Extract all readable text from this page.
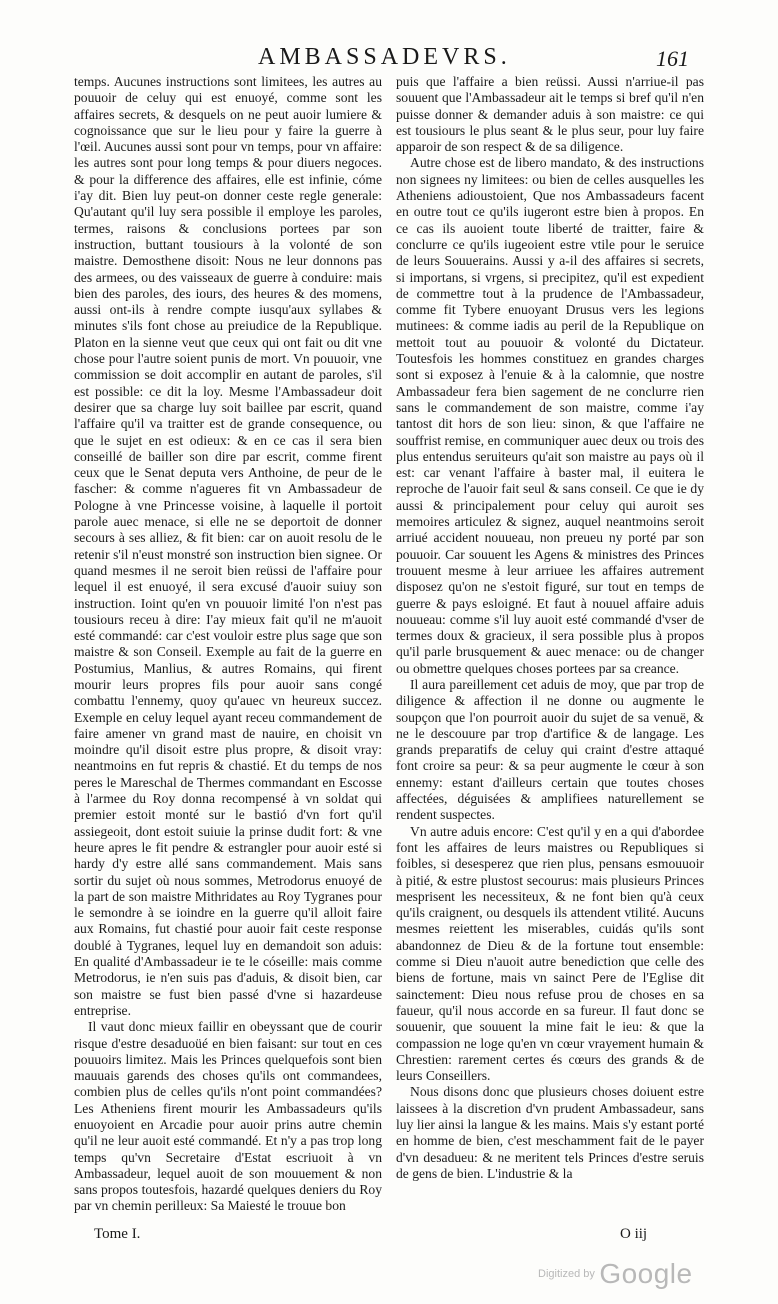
AMBASSADEVRS.	161

temps. Aucunes instructions sont limitees, les autres au pouuoir de celuy qui est enuoyé, comme sont les affaires secrets, & desquels on ne peut auoir lumiere & cognoissance que sur le lieu pour y faire la guerre à l'œil. Aucunes aussi sont pour vn temps, pour vn affaire: les autres sont pour long temps & pour diuers negoces. & pour la difference des affaires, elle est infinie, cóme i'ay dit. Bien luy peut-on donner ceste regle generale: Qu'autant qu'il luy sera possible il employe les paroles, termes, raisons & conclusions portees par son instruction, buttant tousiours à la volonté de son maistre. Demosthene disoit: Nous ne leur donnons pas des armees, ou des vaisseaux de guerre à conduire: mais bien des paroles, des iours, des heures & des momens, aussi ont-ils à rendre compte iusqu'aux syllabes & minutes s'ils font chose au preiudice de la Republique. Platon en la sienne veut que ceux qui ont fait ou dit vne chose pour l'autre soient punis de mort. Vn pouuoir, vne commission se doit accomplir en autant de paroles, s'il est possible: ce dit la loy. Mesme l'Ambassadeur doit desirer que sa charge luy soit baillee par escrit, quand l'affaire qu'il va traitter est de grande consequence, ou que le sujet en est odieux: & en ce cas il sera bien conseillé de bailler son dire par escrit, comme firent ceux que le Senat deputa vers Anthoine, de peur de le fascher: & comme n'agueres fit vn Ambassadeur de Pologne à vne Princesse voisine, à laquelle il portoit parole auec menace, si elle ne se deportoit de donner secours à ses alliez, & fit bien: car on auoit resolu de le retenir s'il n'eust monstré son instruction bien signee. Or quand mesmes il ne seroit bien reüssi de l'affaire pour lequel il est enuoyé, il sera excusé d'auoir suiuy son instruction. Ioint qu'en vn pouuoir limité l'on n'est pas tousiours receu à dire: I'ay mieux fait qu'il ne m'auoit esté commandé: car c'est vouloir estre plus sage que son maistre & son Conseil. Exemple au fait de la guerre en Postumius, Manlius, & autres Romains, qui firent mourir leurs propres fils pour auoir sans congé combattu l'ennemy, quoy qu'auec vn heureux succez. Exemple en celuy lequel ayant receu commandement de faire amener vn grand mast de nauire, en choisit vn moindre qu'il disoit estre plus propre, & disoit vray: neantmoins en fut repris & chastié. Et du temps de nos peres le Mareschal de Thermes commandant en Escosse à l'armee du Roy donna recompensé à vn soldat qui premier estoit monté sur le bastió d'vn fort qu'il assiegeoit, dont estoit suiuie la prinse dudit fort: & vne heure apres le fit pendre & estrangler pour auoir esté si hardy d'y estre allé sans commandement. Mais sans sortir du sujet où nous sommes, Metrodorus enuoyé de la part de son maistre Mithridates au Roy Tygranes pour le semondre à se ioindre en la guerre qu'il alloit faire aux Romains, fut chastié pour auoir fait ceste response doublé à Tygranes, lequel luy en demandoit son aduis: En qualité d'Ambassadeur ie te le cóseille: mais comme Metrodorus, ie n'en suis pas d'aduis, & disoit bien, car son maistre se fust bien passé d'vne si hazardeuse entreprise.

Il vaut donc mieux faillir en obeyssant que de courir risque d'estre desaduoüé en bien faisant: sur tout en ces pouuoirs limitez. Mais les Princes quelquefois sont bien mauuais garends des choses qu'ils ont commandees, combien plus de celles qu'ils n'ont point commandées? Les Atheniens firent mourir les Ambassadeurs qu'ils enuoyoient en Arcadie pour auoir prins autre chemin qu'il ne leur auoit esté commandé. Et n'y a pas trop long temps qu'vn Secretaire d'Estat escriuoit à vn Ambassadeur, lequel auoit de son mouuement & non sans propos toutesfois, hazardé quelques deniers du Roy par vn chemin perilleux: Sa Maiesté le trouue bon

puis que l'affaire a bien reüssi. Aussi n'arriue-il pas souuent que l'Ambassadeur ait le temps si bref qu'il n'en puisse donner & demander aduis à son maistre: ce qui est tousiours le plus seant & le plus seur, pour luy faire apparoir de son respect & de sa diligence.

Autre chose est de libero mandato, & des instructions non signees ny limitees: ou bien de celles ausquelles les Atheniens adioustoient, Que nos Ambassadeurs facent en outre tout ce qu'ils iugeront estre bien à propos. En ce cas ils auoient toute liberté de traitter, faire & conclurre ce qu'ils iugeoient estre vtile pour le seruice de leurs Souuerains. Aussi y a-il des affaires si secrets, si importans, si vrgens, si precipitez, qu'il est expedient de commettre tout à la prudence de l'Ambassadeur, comme fit Tybere enuoyant Drusus vers les legions mutinees: & comme iadis au peril de la Republique on mettoit tout au pouuoir & volonté du Dictateur. Toutesfois les hommes constituez en grandes charges sont si exposez à l'enuie & à la calomnie, que nostre Ambassadeur fera bien sagement de ne conclurre rien sans le commandement de son maistre, comme i'ay tantost dit hors de son lieu: sinon, & que l'affaire ne souffrist remise, en communiquer auec deux ou trois des plus entendus seruiteurs qu'ait son maistre au pays où il est: car venant l'affaire à baster mal, il euitera le reproche de l'auoir fait seul & sans conseil. Ce que ie dy aussi & principalement pour celuy qui auroit ses memoires articulez & signez, auquel neantmoins seroit arriué accident nouueau, non preueu ny porté par son pouuoir. Car souuent les Agens & ministres des Princes trouuent mesme à leur arriuee les affaires autrement disposez qu'on ne s'estoit figuré, sur tout en temps de guerre & pays esloigné. Et faut à nouuel affaire aduis nouueau: comme s'il luy auoit esté commandé d'vser de termes doux & gracieux, il sera possible plus à propos qu'il parle brusquement & auec menace: ou de changer ou obmettre quelques choses portees par sa creance.

Il aura pareillement cet aduis de moy, que par trop de diligence & affection il ne donne ou augmente le soupçon que l'on pourroit auoir du sujet de sa venuë, & ne le descouure par trop d'artifice & de langage. Les grands preparatifs de celuy qui craint d'estre attaqué font croire sa peur: & sa peur augmente le cœur à son ennemy: estant d'ailleurs certain que toutes choses affectées, déguisées & amplifiees naturellement se rendent suspectes.

Vn autre aduis encore: C'est qu'il y en a qui d'abordee font les affaires de leurs maistres ou Republiques si foibles, si desesperez que rien plus, pensans esmouuoir à pitié, & estre plustost secourus: mais plusieurs Princes mesprisent les necessiteux, & ne font bien qu'à ceux qu'ils craignent, ou desquels ils attendent vtilité. Aucuns mesmes reiettent les miserables, cuidás qu'ils sont abandonnez de Dieu & de la fortune tout ensemble: comme si Dieu n'auoit autre benediction que celle des biens de fortune, mais vn sainct Pere de l'Eglise dit sainctement: Dieu nous refuse prou de choses en sa faueur, qu'il nous accorde en sa fureur. Il faut donc se souuenir, que souuent la mine fait le ieu: & que la compassion ne loge qu'en vn cœur vrayement humain & Chrestien: rarement certes és cœurs des grands & de leurs Conseillers.

Nous disons donc que plusieurs choses doiuent estre laissees à la discretion d'vn prudent Ambassadeur, sans luy lier ainsi la langue & les mains. Mais s'y estant porté en homme de bien, c'est meschamment fait de le payer d'vn desadueu: & ne meritent tels Princes d'estre seruis de gens de bien. L'industrie & la

Tome I.	O iij
Digitized by Google
